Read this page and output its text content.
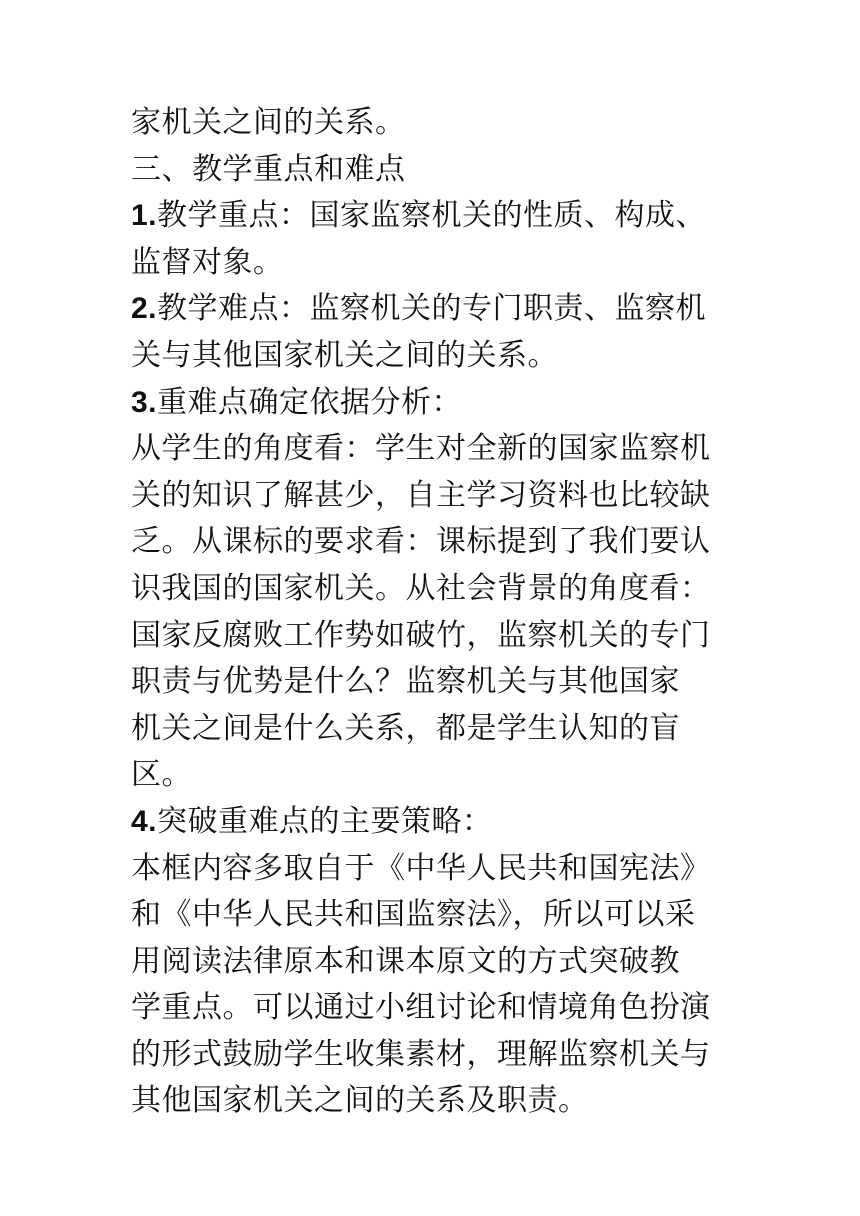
家机关之间的关系。
三、教学重点和难点
1.教学重点：国家监察机关的性质、构成、
监督对象。
2.教学难点：监察机关的专门职责、监察机
关与其他国家机关之间的关系。
3.重难点确定依据分析：
从学生的角度看：学生对全新的国家监察机
关的知识了解甚少，自主学习资料也比较缺
乏。从课标的要求看：课标提到了我们要认
识我国的国家机关。从社会背景的角度看：
国家反腐败工作势如破竹，监察机关的专门
职责与优势是什么？监察机关与其他国家
机关之间是什么关系，都是学生认知的盲
区。
4.突破重难点的主要策略：
本框内容多取自于《中华人民共和国宪法》
和《中华人民共和国监察法》，所以可以采
用阅读法律原本和课本原文的方式突破教
学重点。可以通过小组讨论和情境角色扮演
的形式鼓励学生收集素材，理解监察机关与
其他国家机关之间的关系及职责。
